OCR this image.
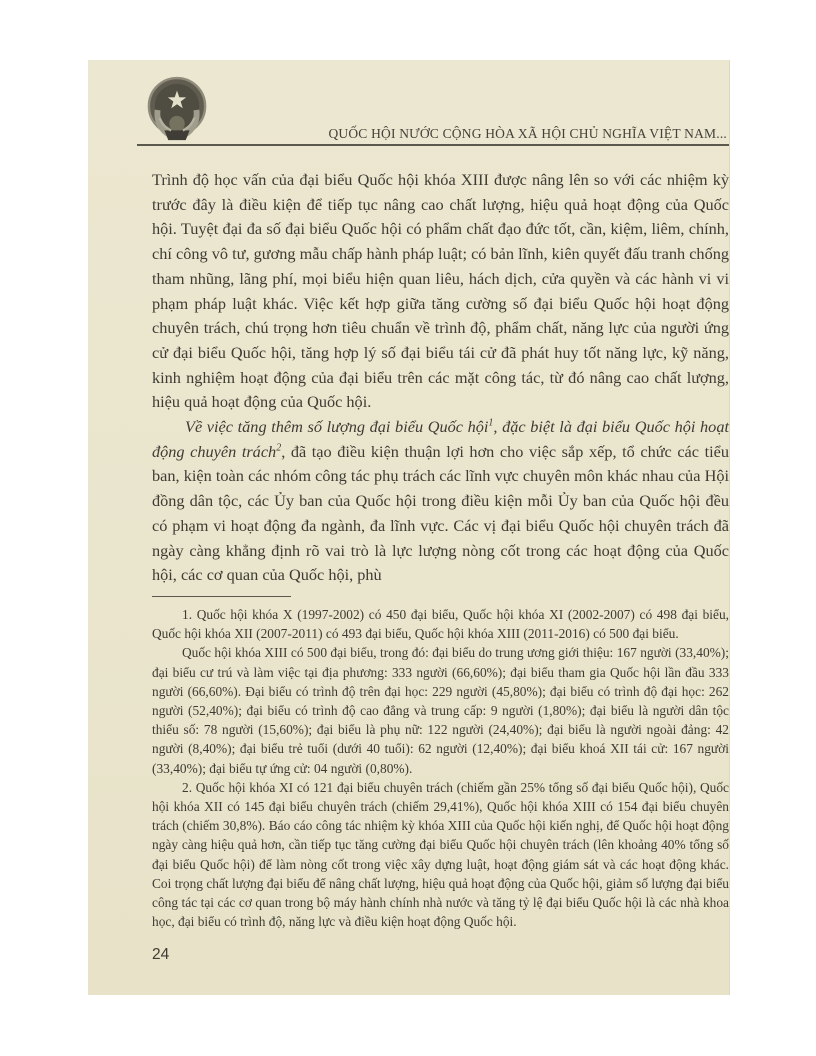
QUỐC HỘI NƯỚC CỘNG HÒA XÃ HỘI CHỦ NGHĨA VIỆT NAM...

Trình độ học vấn của đại biểu Quốc hội khóa XIII được nâng lên so với các nhiệm kỳ trước đây là điều kiện để tiếp tục nâng cao chất lượng, hiệu quả hoạt động của Quốc hội. Tuyệt đại đa số đại biểu Quốc hội có phẩm chất đạo đức tốt, cần, kiệm, liêm, chính, chí công vô tư, gương mẫu chấp hành pháp luật; có bản lĩnh, kiên quyết đấu tranh chống tham nhũng, lãng phí, mọi biểu hiện quan liêu, hách dịch, cửa quyền và các hành vi vi phạm pháp luật khác. Việc kết hợp giữa tăng cường số đại biểu Quốc hội hoạt động chuyên trách, chú trọng hơn tiêu chuẩn về trình độ, phẩm chất, năng lực của người ứng cử đại biểu Quốc hội, tăng hợp lý số đại biểu tái cử đã phát huy tốt năng lực, kỹ năng, kinh nghiệm hoạt động của đại biểu trên các mặt công tác, từ đó nâng cao chất lượng, hiệu quả hoạt động của Quốc hội.

Về việc tăng thêm số lượng đại biểu Quốc hội$^1$, đặc biệt là đại biểu Quốc hội hoạt động chuyên trách$^2$, đã tạo điều kiện thuận lợi hơn cho việc sắp xếp, tổ chức các tiểu ban, kiện toàn các nhóm công tác phụ trách các lĩnh vực chuyên môn khác nhau của Hội đồng dân tộc, các Ủy ban của Quốc hội trong điều kiện mỗi Ủy ban của Quốc hội đều có phạm vi hoạt động đa ngành, đa lĩnh vực. Các vị đại biểu Quốc hội chuyên trách đã ngày càng khẳng định rõ vai trò là lực lượng nòng cốt trong các hoạt động của Quốc hội, các cơ quan của Quốc hội, phù

1. Quốc hội khóa X (1997-2002) có 450 đại biểu, Quốc hội khóa XI (2002-2007) có 498 đại biểu, Quốc hội khóa XII (2007-2011) có 493 đại biểu, Quốc hội khóa XIII (2011-2016) có 500 đại biểu.

Quốc hội khóa XIII có 500 đại biểu, trong đó: đại biểu do trung ương giới thiệu: 167 người (33,40%); đại biểu cư trú và làm việc tại địa phương: 333 người (66,60%); đại biểu tham gia Quốc hội lần đầu 333 người (66,60%). Đại biểu có trình độ trên đại học: 229 người (45,80%); đại biểu có trình độ đại học: 262 người (52,40%); đại biểu có trình độ cao đẳng và trung cấp: 9 người (1,80%); đại biểu là người dân tộc thiểu số: 78 người (15,60%); đại biểu là phụ nữ: 122 người (24,40%); đại biểu là người ngoài đảng: 42 người (8,40%); đại biểu trẻ tuổi (dưới 40 tuổi): 62 người (12,40%); đại biểu khoá XII tái cử: 167 người (33,40%); đại biểu tự ứng cử: 04 người (0,80%).

2. Quốc hội khóa XI có 121 đại biểu chuyên trách (chiếm gần 25% tổng số đại biểu Quốc hội), Quốc hội khóa XII có 145 đại biểu chuyên trách (chiếm 29,41%), Quốc hội khóa XIII có 154 đại biểu chuyên trách (chiếm 30,8%). Báo cáo công tác nhiệm kỳ khóa XIII của Quốc hội kiến nghị, để Quốc hội hoạt động ngày càng hiệu quả hơn, cần tiếp tục tăng cường đại biểu Quốc hội chuyên trách (lên khoảng 40% tổng số đại biểu Quốc hội) để làm nòng cốt trong việc xây dựng luật, hoạt động giám sát và các hoạt động khác. Coi trọng chất lượng đại biểu để nâng chất lượng, hiệu quả hoạt động của Quốc hội, giảm số lượng đại biểu công tác tại các cơ quan trong bộ máy hành chính nhà nước và tăng tỷ lệ đại biểu Quốc hội là các nhà khoa học, đại biểu có trình độ, năng lực và điều kiện hoạt động Quốc hội.

24
